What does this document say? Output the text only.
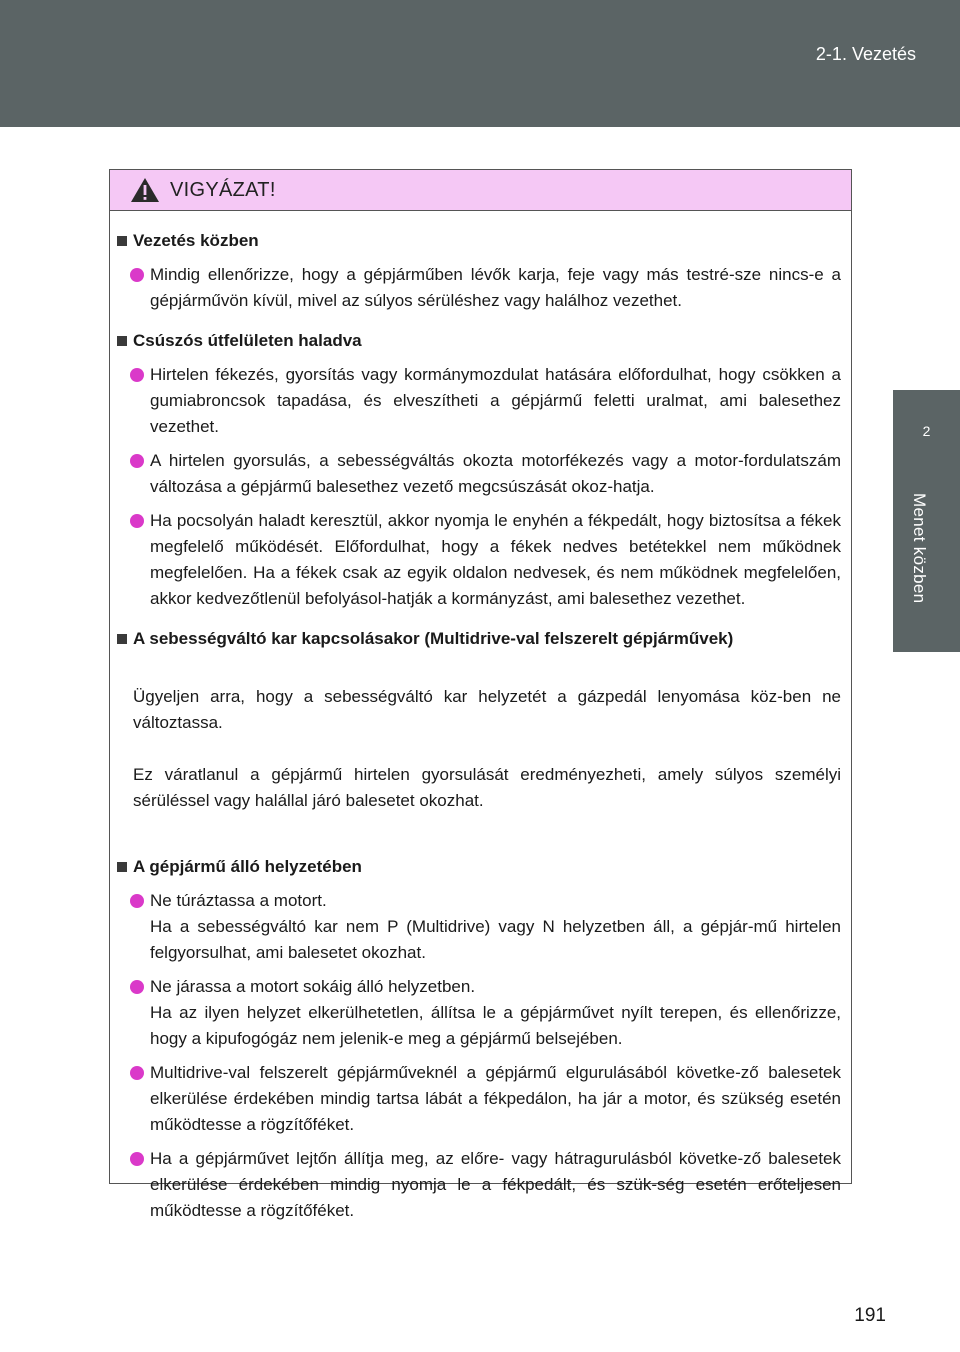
2-1. Vezetés
2
Menet közben
VIGYÁZAT!
Vezetés közben
Mindig ellenőrizze, hogy a gépjárműben lévők karja, feje vagy más testré-sze nincs-e a gépjárművön kívül, mivel az súlyos sérüléshez vagy halálhoz vezethet.
Csúszós útfelületen haladva
Hirtelen fékezés, gyorsítás vagy kormánymozdulat hatására előfordulhat, hogy csökken a gumiabroncsok tapadása, és elveszítheti a gépjármű feletti uralmat, ami balesethez vezethet.
A hirtelen gyorsulás, a sebességváltás okozta motorfékezés vagy a motor-fordulatszám változása a gépjármű balesethez vezető megcsúszását okoz-hatja.
Ha pocsolyán haladt keresztül, akkor nyomja le enyhén a fékpedált, hogy biztosítsa a fékek megfelelő működését. Előfordulhat, hogy a fékek nedves betétekkel nem működnek megfelelően. Ha a fékek csak az egyik oldalon nedvesek, és nem működnek megfelelően, akkor kedvezőtlenül befolyásol-hatják a kormányzást, ami balesethez vezethet.
A sebességváltó kar kapcsolásakor (Multidrive-val felszerelt gépjárművek)

Ügyeljen arra, hogy a sebességváltó kar helyzetét a gázpedál lenyomása köz-ben ne változtassa.

Ez váratlanul a gépjármű hirtelen gyorsulását eredményezheti, amely súlyos személyi sérüléssel vagy halállal járó balesetet okozhat.

A gépjármű álló helyzetében
Ne túráztassa a motort.
Ha a sebességváltó kar nem P (Multidrive) vagy N helyzetben áll, a gépjár-mű hirtelen felgyorsulhat, ami balesetet okozhat.
Ne járassa a motort sokáig álló helyzetben.
Ha az ilyen helyzet elkerülhetetlen, állítsa le a gépjárművet nyílt terepen, és ellenőrizze, hogy a kipufogógáz nem jelenik-e meg a gépjármű belsejében.
Multidrive-val felszerelt gépjárműveknél a gépjármű elgurulásából követke-ző balesetek elkerülése érdekében mindig tartsa lábát a fékpedálon, ha jár a motor, és szükség esetén működtesse a rögzítőféket.
Ha a gépjárművet lejtőn állítja meg, az előre- vagy hátragurulásból követke-ző balesetek elkerülése érdekében mindig nyomja le a fékpedált, és szük-ség esetén erőteljesen működtesse a rögzítőféket.
191
